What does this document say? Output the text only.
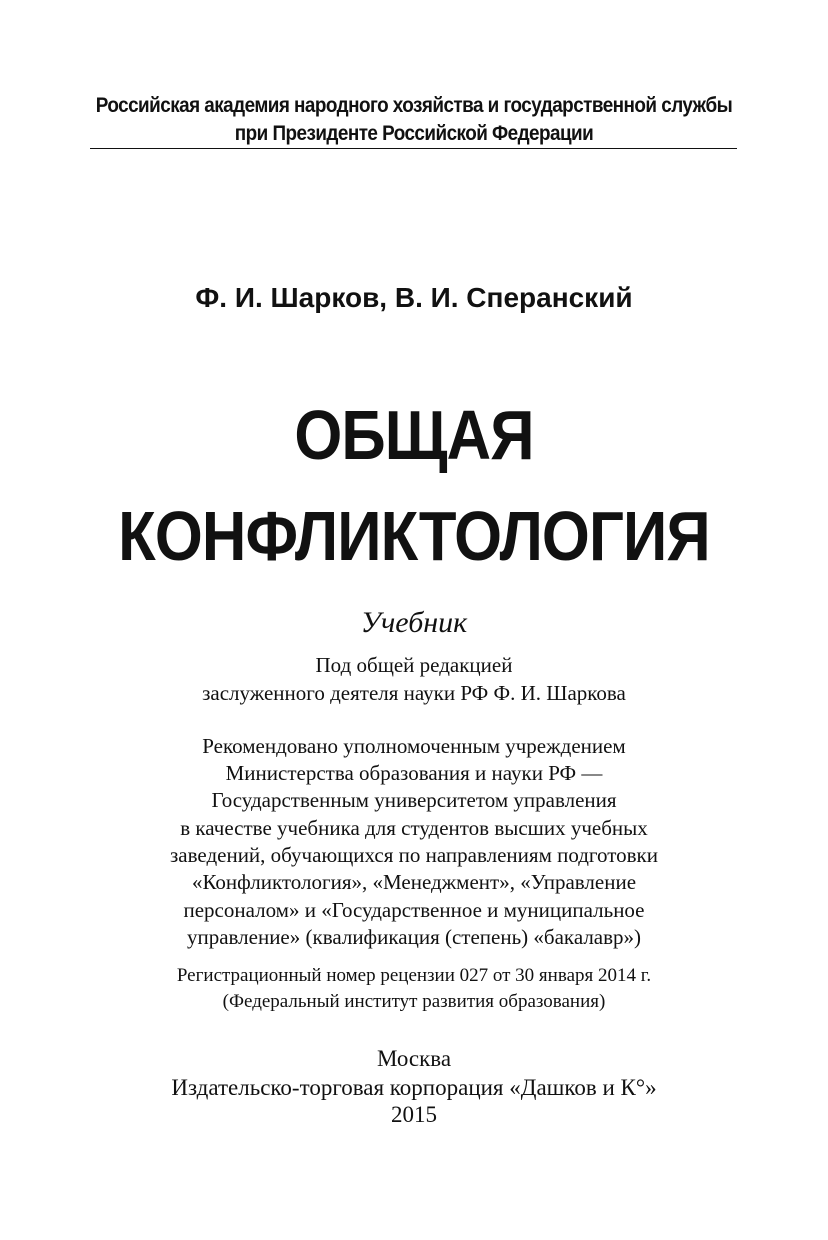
Российская академия народного хозяйства и государственной службы
при Президенте Российской Федерации
Ф. И. Шарков, В. И. Сперанский
ОБЩАЯ
КОНФЛИКТОЛОГИЯ
Учебник
Под общей редакцией
заслуженного деятеля науки РФ Ф. И. Шаркова
Рекомендовано уполномоченным учреждением
Министерства образования и науки РФ —
Государственным университетом управления
в качестве учебника для студентов высших учебных
заведений, обучающихся по направлениям подготовки
«Конфликтология», «Менеджмент», «Управление
персоналом» и «Государственное и муниципальное
управление» (квалификация (степень) «бакалавр»)
Регистрационный номер рецензии 027 от 30 января 2014 г.
(Федеральный институт развития образования)
Москва
Издательско-торговая корпорация «Дашков и К°»
2015
